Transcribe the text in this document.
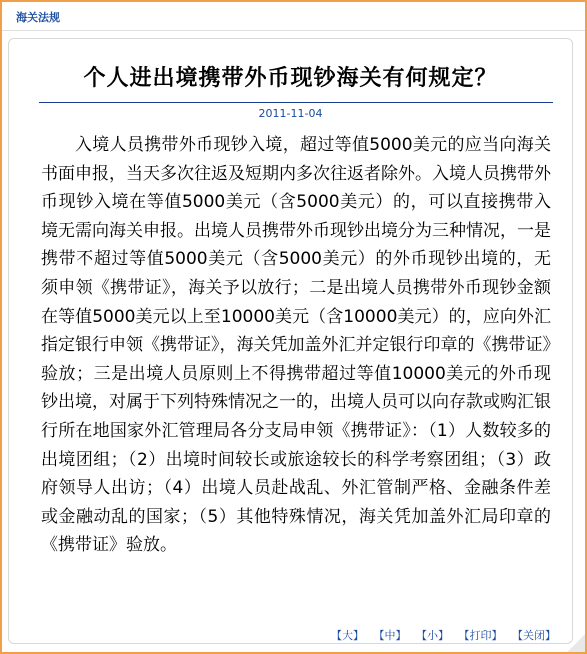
海关法规
个人进出境携带外币现钞海关有何规定？
2011-11-04

入境人员携带外币现钞入境，超过等值5000美元的应当向海关书面申报，当天多次往返及短期内多次往返者除外。入境人员携带外币现钞入境在等值5000美元（含5000美元）的，可以直接携带入境无需向海关申报。出境人员携带外币现钞出境分为三种情况，一是携带不超过等值5000美元（含5000美元）的外币现钞出境的，无须申领《携带证》，海关予以放行；二是出境人员携带外币现钞金额在等值5000美元以上至10000美元（含10000美元）的，应向外汇指定银行申领《携带证》，海关凭加盖外汇并定银行印章的《携带证》验放；三是出境人员原则上不得携带超过等值10000美元的外币现钞出境，对属于下列特殊情况之一的，出境人员可以向存款或购汇银行所在地国家外汇管理局各分支局申领《携带证》：（1）人数较多的出境团组；（2）出境时间较长或旅途较长的科学考察团组；（3）政府领导人出访；（4）出境人员赴战乱、外汇管制严格、金融条件差或金融动乱的国家；（5）其他特殊情况，海关凭加盖外汇局印章的《携带证》验放。

【大】 【中】 【小】 【打印】 【关闭】
